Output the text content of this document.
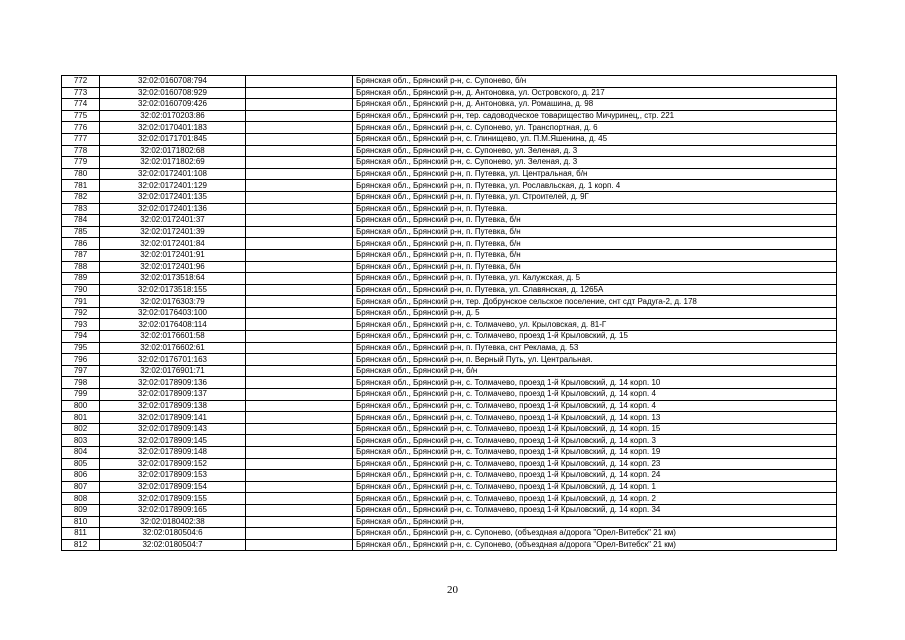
772	32:02:0160708:794		Брянская обл., Брянский р-н, с. Супонево, б/н
773	32:02:0160708:929		Брянская обл., Брянский р-н, д. Антоновка, ул. Островского, д. 217
774	32:02:0160709:426		Брянская обл., Брянский р-н, д. Антоновка, ул. Ромашина, д. 98
775	32:02:0170203:86		Брянская обл., Брянский р-н, тер. садоводческое товарищество Мичуринец,, стр. 221
776	32:02:0170401:183		Брянская обл., Брянский р-н, с. Супонево, ул. Транспортная, д. 6
777	32:02:0171701:845		Брянская обл., Брянский р-н, с. Глинищево, ул. П.М.Яшенина, д. 45
778	32:02:0171802:68		Брянская обл., Брянский р-н, с. Супонево, ул. Зеленая, д. 3
779	32:02:0171802:69		Брянская обл., Брянский р-н, с. Супонево, ул. Зеленая, д. 3
780	32:02:0172401:108		Брянская обл., Брянский р-н, п. Путевка, ул. Центральная, б/н
781	32:02:0172401:129		Брянская обл., Брянский р-н, п. Путевка, ул. Рославльская, д. 1 корп. 4
782	32:02:0172401:135		Брянская обл., Брянский р-н, п. Путевка, ул. Строителей, д. 9Г
783	32:02:0172401:136		Брянская обл., Брянский р-н, п. Путевка.
784	32:02:0172401:37		Брянская обл., Брянский р-н, п. Путевка, б/н
785	32:02:0172401:39		Брянская обл., Брянский р-н, п. Путевка, б/н
786	32:02:0172401:84		Брянская обл., Брянский р-н, п. Путевка, б/н
787	32:02:0172401:91		Брянская обл., Брянский р-н, п. Путевка, б/н
788	32:02:0172401:96		Брянская обл., Брянский р-н, п. Путевка, б/н
789	32:02:0173518:64		Брянская обл., Брянский р-н, п. Путевка, ул. Калужская, д. 5
790	32:02:0173518:155		Брянская обл., Брянский р-н, п. Путевка, ул. Славянская, д. 1265А
791	32:02:0176303:79		Брянская обл., Брянский р-н, тер. Добрунское сельское поселение, снт сдт Радуга-2, д. 178
792	32:02:0176403:100		Брянская обл., Брянский р-н, д. 5
793	32:02:0176408:114		Брянская обл., Брянский р-н, с. Толмачево, ул. Крыловская, д. 81-Г
794	32:02:0176601:58		Брянская обл., Брянский р-н, с. Толмачево, проезд 1-й Крыловский, д. 15
795	32:02:0176602:61		Брянская обл., Брянский р-н, п. Путевка, снт Реклама, д. 53
796	32:02:0176701:163		Брянская обл., Брянский р-н, п. Верный Путь, ул. Центральная.
797	32:02:0176901:71		Брянская обл., Брянский р-н, б/н
798	32:02:0178909:136		Брянская обл., Брянский р-н, с. Толмачево, проезд 1-й Крыловский, д. 14 корп. 10
799	32:02:0178909:137		Брянская обл., Брянский р-н, с. Толмачево, проезд 1-й Крыловский, д. 14 корп. 4
800	32:02:0178909:138		Брянская обл., Брянский р-н, с. Толмачево, проезд 1-й Крыловский, д. 14 корп. 4
801	32:02:0178909:141		Брянская обл., Брянский р-н, с. Толмачево, проезд 1-й Крыловский, д. 14 корп. 13
802	32:02:0178909:143		Брянская обл., Брянский р-н, с. Толмачево, проезд 1-й Крыловский, д. 14 корп. 15
803	32:02:0178909:145		Брянская обл., Брянский р-н, с. Толмачево, проезд 1-й Крыловский, д. 14 корп. 3
804	32:02:0178909:148		Брянская обл., Брянский р-н, с. Толмачево, проезд 1-й Крыловский, д. 14 корп. 19
805	32:02:0178909:152		Брянская обл., Брянский р-н, с. Толмачево, проезд 1-й Крыловский, д. 14 корп. 23
806	32:02:0178909:153		Брянская обл., Брянский р-н, с. Толмачево, проезд 1-й Крыловский, д. 14 корп. 24
807	32:02:0178909:154		Брянская обл., Брянский р-н, с. Толмачево, проезд 1-й Крыловский, д. 14 корп. 1
808	32:02:0178909:155		Брянская обл., Брянский р-н, с. Толмачево, проезд 1-й Крыловский, д. 14 корп. 2
809	32:02:0178909:165		Брянская обл., Брянский р-н, с. Толмачево, проезд 1-й Крыловский, д. 14 корп. 34
810	32:02:0180402:38		Брянская обл., Брянский р-н,
811	32:02:0180504:6		Брянская обл., Брянский р-н, с. Супонево, (объездная а/дорога "Орел-Витебск" 21 км)
812	32:02:0180504:7		Брянская обл., Брянский р-н, с. Супонево, (объездная а/дорога "Орел-Витебск" 21 км)
20
